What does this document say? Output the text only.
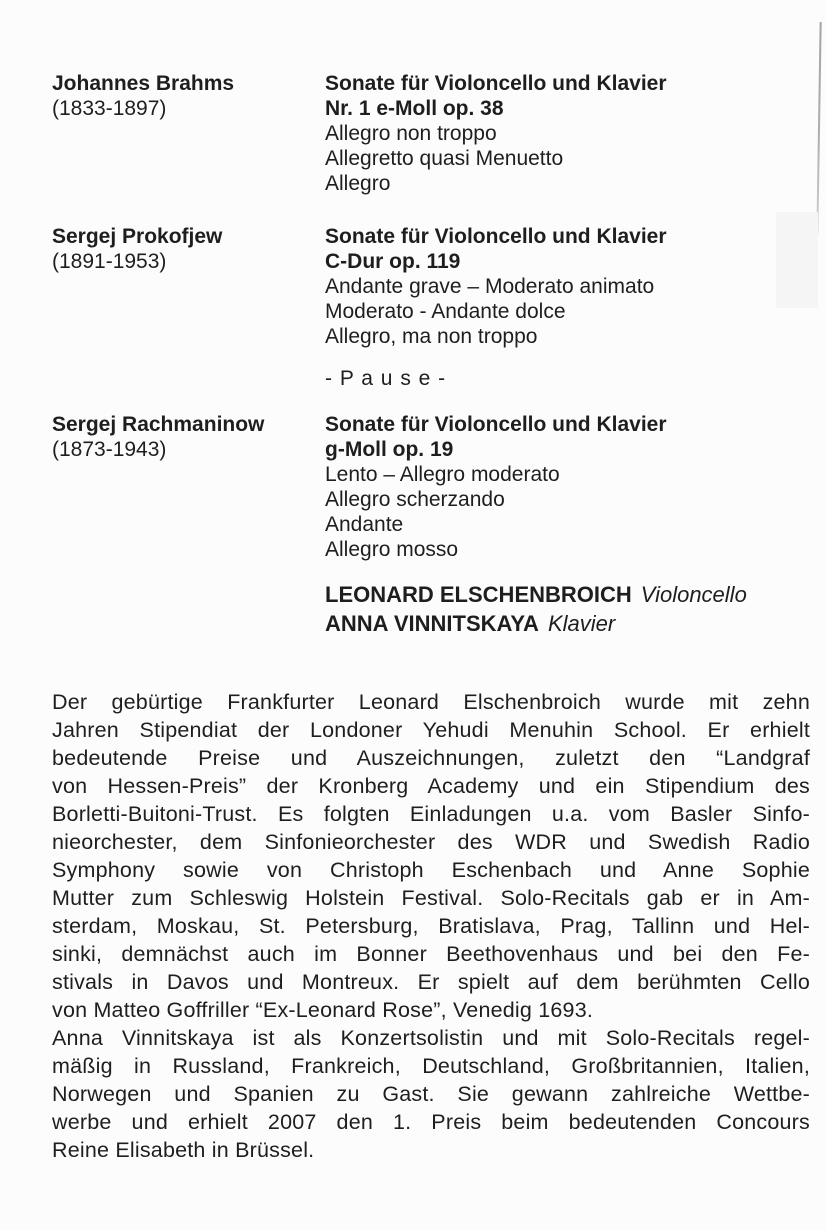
Johannes Brahms
(1833-1897)
Sonate für Violoncello und Klavier
Nr. 1 e-Moll op. 38
Allegro non troppo
Allegretto quasi Menuetto
Allegro
Sergej Prokofjew
(1891-1953)
Sonate für Violoncello und Klavier
C-Dur op. 119
Andante grave – Moderato animato
Moderato - Andante dolce
Allegro, ma non troppo
- P a u s e -
Sergej Rachmaninow
(1873-1943)
Sonate für Violoncello und Klavier
g-Moll op. 19
Lento – Allegro moderato
Allegro scherzando
Andante
Allegro mosso
LEONARD ELSCHENBROICH Violoncello
ANNA VINNITSKAYA Klavier
Der gebürtige Frankfurter Leonard Elschenbroich wurde mit zehn
Jahren Stipendiat der Londoner Yehudi Menuhin School. Er erhielt
bedeutende Preise und Auszeichnungen, zuletzt den “Landgraf
von Hessen-Preis” der Kronberg Academy und ein Stipendium des
Borletti-Buitoni-Trust. Es folgten Einladungen u.a. vom Basler Sinfo-
nieorchester, dem Sinfonieorchester des WDR und Swedish Radio
Symphony sowie von Christoph Eschenbach und Anne Sophie
Mutter zum Schleswig Holstein Festival. Solo-Recitals gab er in Am-
sterdam, Moskau, St. Petersburg, Bratislava, Prag, Tallinn und Hel-
sinki, demnächst auch im Bonner Beethovenhaus und bei den Fe-
stivals in Davos und Montreux. Er spielt auf dem berühmten Cello
von Matteo Goffriller “Ex-Leonard Rose”, Venedig 1693.
Anna Vinnitskaya ist als Konzertsolistin und mit Solo-Recitals regel-
mäßig in Russland, Frankreich, Deutschland, Großbritannien, Italien,
Norwegen und Spanien zu Gast. Sie gewann zahlreiche Wettbe-
werbe und erhielt 2007 den 1. Preis beim bedeutenden Concours
Reine Elisabeth in Brüssel.
